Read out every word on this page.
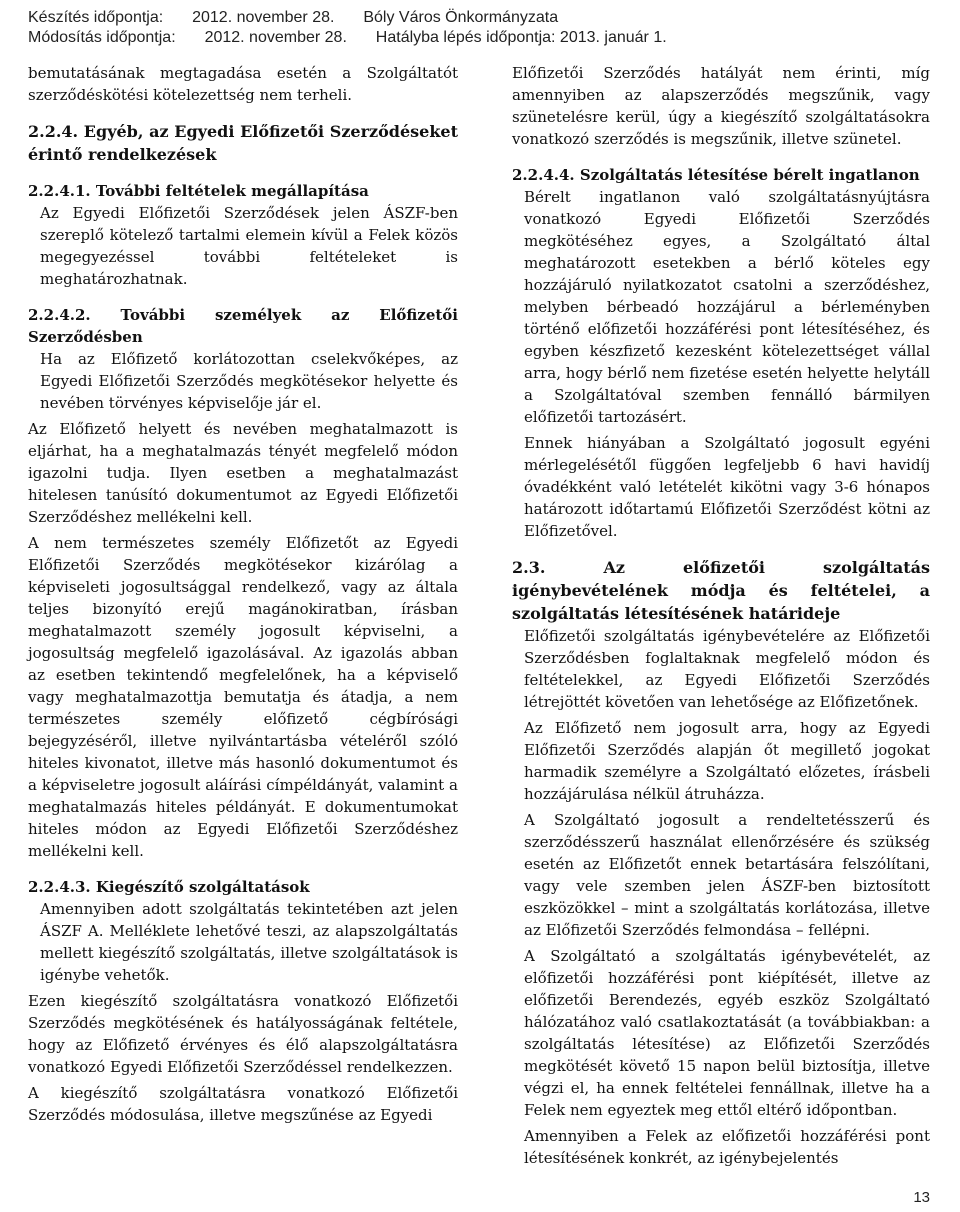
Készítés időpontja: 2012. november 28. Bóly Város Önkormányzata
Módosítás időpontja: 2012. november 28. Hatályba lépés időpontja: 2013. január 1.

bemutatásának megtagadása esetén a Szolgáltatót szerződéskötési kötelezettség nem terheli.

2.2.4. Egyéb, az Egyedi Előfizetői Szerződéseket érintő rendelkezések
2.2.4.1. További feltételek megállapítása

Az Egyedi Előfizetői Szerződések jelen ÁSZF-ben szereplő kötelező tartalmi elemein kívül a Felek közös megegyezéssel további feltételeket is meghatározhatnak.

2.2.4.2. További személyek az Előfizetői Szerződésben

Ha az Előfizető korlátozottan cselekvőképes, az Egyedi Előfizetői Szerződés megkötésekor helyette és nevében törvényes képviselője jár el.

Az Előfizető helyett és nevében meghatalmazott is eljárhat, ha a meghatalmazás tényét megfelelő módon igazolni tudja. Ilyen esetben a meghatalmazást hitelesen tanúsító dokumentumot az Egyedi Előfizetői Szerződéshez mellékelni kell.

A nem természetes személy Előfizetőt az Egyedi Előfizetői Szerződés megkötésekor kizárólag a képviseleti jogosultsággal rendelkező, vagy az általa teljes bizonyító erejű magánokiratban, írásban meghatalmazott személy jogosult képviselni, a jogosultság megfelelő igazolásával. Az igazolás abban az esetben tekintendő megfelelőnek, ha a képviselő vagy meghatalmazottja bemutatja és átadja, a nem természetes személy előfizető cégbírósági bejegyzéséről, illetve nyilvántartásba vételéről szóló hiteles kivonatot, illetve más hasonló dokumentumot és a képviseletre jogosult aláírási címpéldányát, valamint a meghatalmazás hiteles példányát. E dokumentumokat hiteles módon az Egyedi Előfizetői Szerződéshez mellékelni kell.

2.2.4.3. Kiegészítő szolgáltatások

Amennyiben adott szolgáltatás tekintetében azt jelen ÁSZF A. Melléklete lehetővé teszi, az alapszolgáltatás mellett kiegészítő szolgáltatás, illetve szolgáltatások is igénybe vehetők.

Ezen kiegészítő szolgáltatásra vonatkozó Előfizetői Szerződés megkötésének és hatályosságának feltétele, hogy az Előfizető érvényes és élő alapszolgáltatásra vonatkozó Egyedi Előfizetői Szerződéssel rendelkezzen.

A kiegészítő szolgáltatásra vonatkozó Előfizetői Szerződés módosulása, illetve megszűnése az Egyedi

Előfizetői Szerződés hatályát nem érinti, míg amennyiben az alapszerződés megszűnik, vagy szünetelésre kerül, úgy a kiegészítő szolgáltatásokra vonatkozó szerződés is megszűnik, illetve szünetel.

2.2.4.4. Szolgáltatás létesítése bérelt ingatlanon

Bérelt ingatlanon való szolgáltatásnyújtásra vonatkozó Egyedi Előfizetői Szerződés megkötéséhez egyes, a Szolgáltató által meghatározott esetekben a bérlő köteles egy hozzájáruló nyilatkozatot csatolni a szerződéshez, melyben bérbeadó hozzájárul a bérleményben történő előfizetői hozzáférési pont létesítéséhez, és egyben készfizető kezesként kötelezettséget vállal arra, hogy bérlő nem fizetése esetén helyette helytáll a Szolgáltatóval szemben fennálló bármilyen előfizetői tartozásért.

Ennek hiányában a Szolgáltató jogosult egyéni mérlegelésétől függően legfeljebb 6 havi havidíj óvadékként való letételét kikötni vagy 3-6 hónapos határozott időtartamú Előfizetői Szerződést kötni az Előfizetővel.

2.3. Az előfizetői szolgáltatás igénybevételének módja és feltételei, a szolgáltatás létesítésének határideje

Előfizetői szolgáltatás igénybevételére az Előfizetői Szerződésben foglaltaknak megfelelő módon és feltételekkel, az Egyedi Előfizetői Szerződés létrejöttét követően van lehetősége az Előfizetőnek.

Az Előfizető nem jogosult arra, hogy az Egyedi Előfizetői Szerződés alapján őt megillető jogokat harmadik személyre a Szolgáltató előzetes, írásbeli hozzájárulása nélkül átruházza.

A Szolgáltató jogosult a rendeltetésszerű és szerződésszerű használat ellenőrzésére és szükség esetén az Előfizetőt ennek betartására felszólítani, vagy vele szemben jelen ÁSZF-ben biztosított eszközökkel – mint a szolgáltatás korlátozása, illetve az Előfizetői Szerződés felmondása – fellépni.

A Szolgáltató a szolgáltatás igénybevételét, az előfizetői hozzáférési pont kiépítését, illetve az előfizetői Berendezés, egyéb eszköz Szolgáltató hálózatához való csatlakoztatását (a továbbiakban: a szolgáltatás létesítése) az Előfizetői Szerződés megkötését követő 15 napon belül biztosítja, illetve végzi el, ha ennek feltételei fennállnak, illetve ha a Felek nem egyeztek meg ettől eltérő időpontban.

Amennyiben a Felek az előfizetői hozzáférési pont létesítésének konkrét, az igénybejelentés

13
